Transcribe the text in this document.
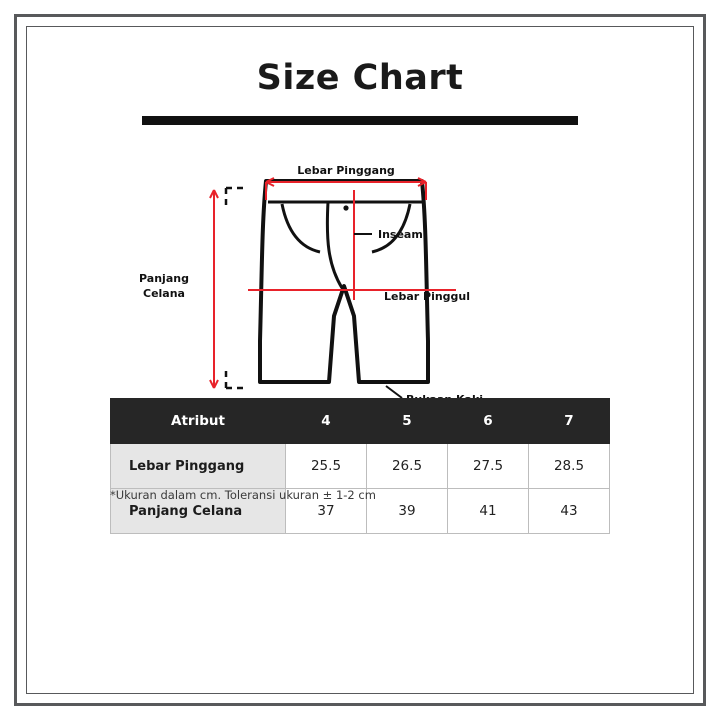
Size Chart
Lebar Pinggang
Inseam
Lebar Pinggul
Panjang
Celana
Atribut	4	5	6	7
Lebar Pinggang	25.5	26.5	27.5	28.5
Panjang Celana	37	39	41	43
*Ukuran dalam cm. Toleransi ukuran ± 1-2 cm
